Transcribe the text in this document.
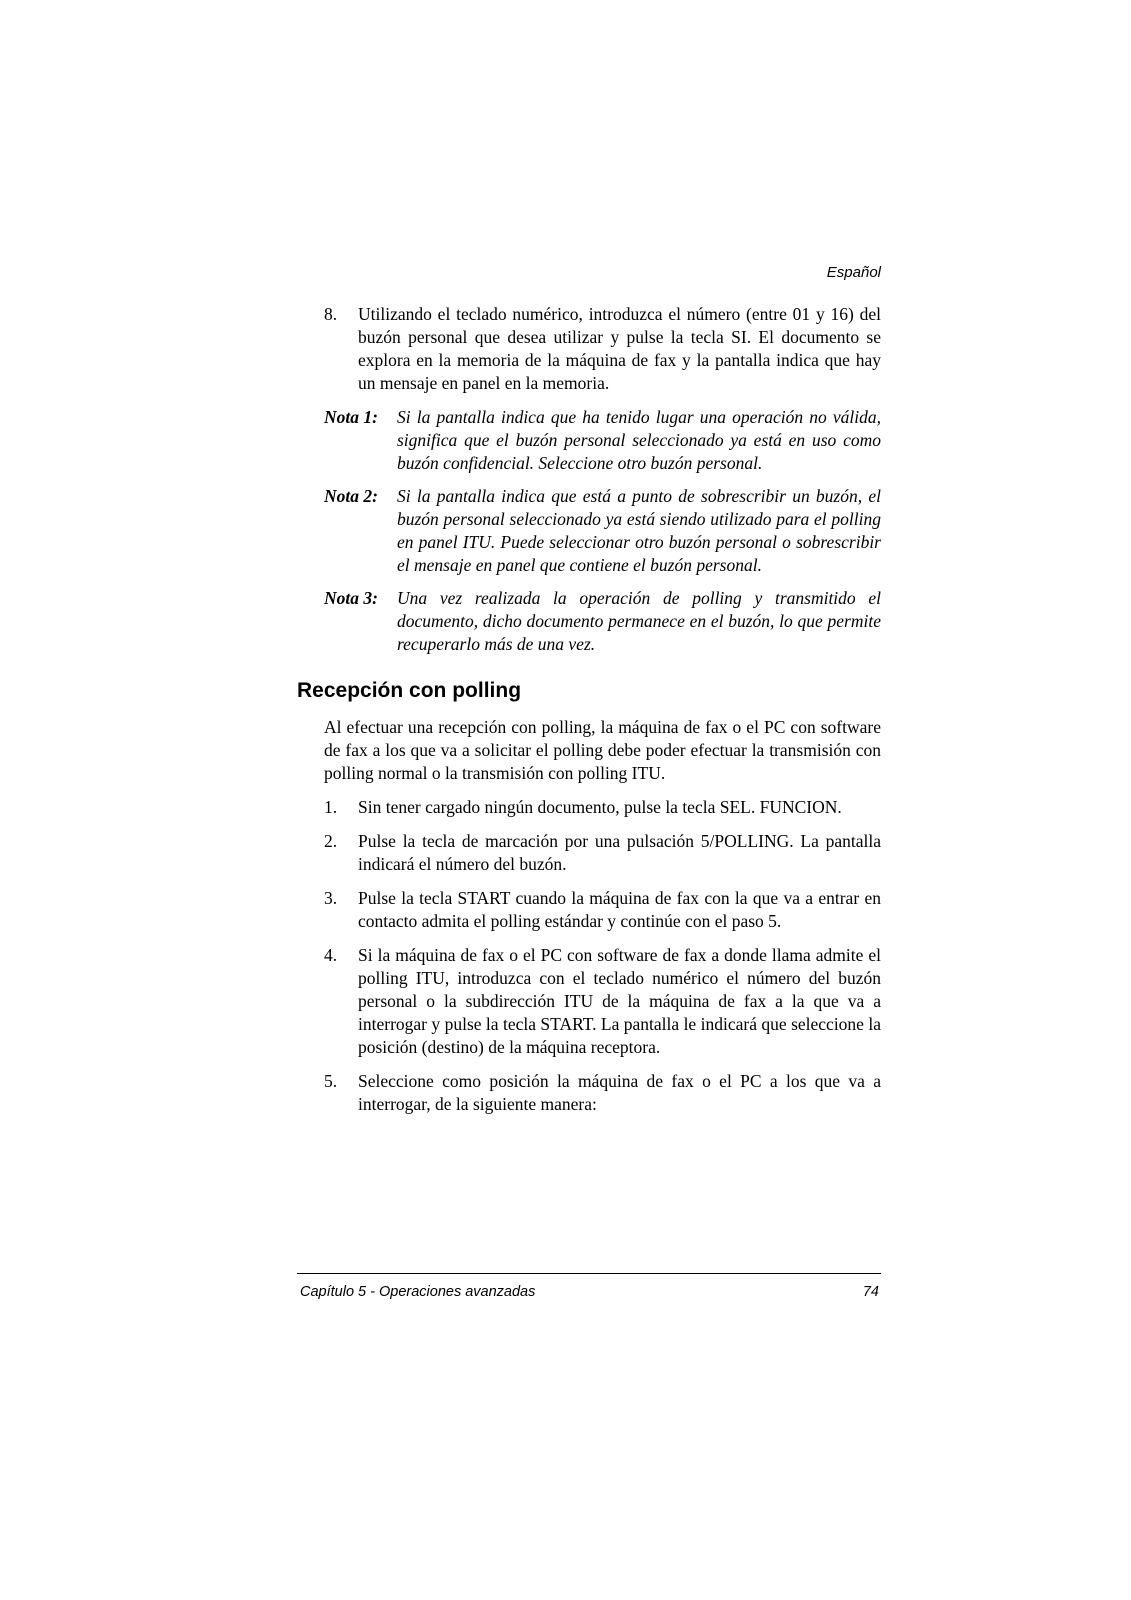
Español
8.	Utilizando el teclado numérico, introduzca el número (entre 01 y 16) del buzón personal que desea utilizar y pulse la tecla SI. El documento se explora en la memoria de la máquina de fax y la pantalla indica que hay un mensaje en panel en la memoria.
Nota 1:	Si la pantalla indica que ha tenido lugar una operación no válida, significa que el buzón personal seleccionado ya está en uso como buzón confidencial. Seleccione otro buzón personal.
Nota 2:	Si la pantalla indica que está a punto de sobrescribir un buzón, el buzón personal seleccionado ya está siendo utilizado para el polling en panel ITU. Puede seleccionar otro buzón personal o sobrescribir el mensaje en panel que contiene el buzón personal.
Nota 3:	Una vez realizada la operación de polling y transmitido el documento, dicho documento permanece en el buzón, lo que permite recuperarlo más de una vez.
Recepción con polling
Al efectuar una recepción con polling, la máquina de fax o el PC con software de fax a los que va a solicitar el polling debe poder efectuar la transmisión con polling normal o la transmisión con polling ITU.
1.	Sin tener cargado ningún documento, pulse la tecla SEL. FUNCION.
2.	Pulse la tecla de marcación por una pulsación 5/POLLING. La pantalla indicará el número del buzón.
3.	Pulse la tecla START cuando la máquina de fax con la que va a entrar en contacto admita el polling estándar y continúe con el paso 5.
4.	Si la máquina de fax o el PC con software de fax a donde llama admite el polling ITU, introduzca con el teclado numérico el número del buzón personal o la subdirección ITU de la máquina de fax a la que va a interrogar y pulse la tecla START. La pantalla le indicará que seleccione la posición (destino) de la máquina receptora.
5.	Seleccione como posición la máquina de fax o el PC a los que va a interrogar, de la siguiente manera:
Capítulo 5 - Operaciones avanzadas	74
